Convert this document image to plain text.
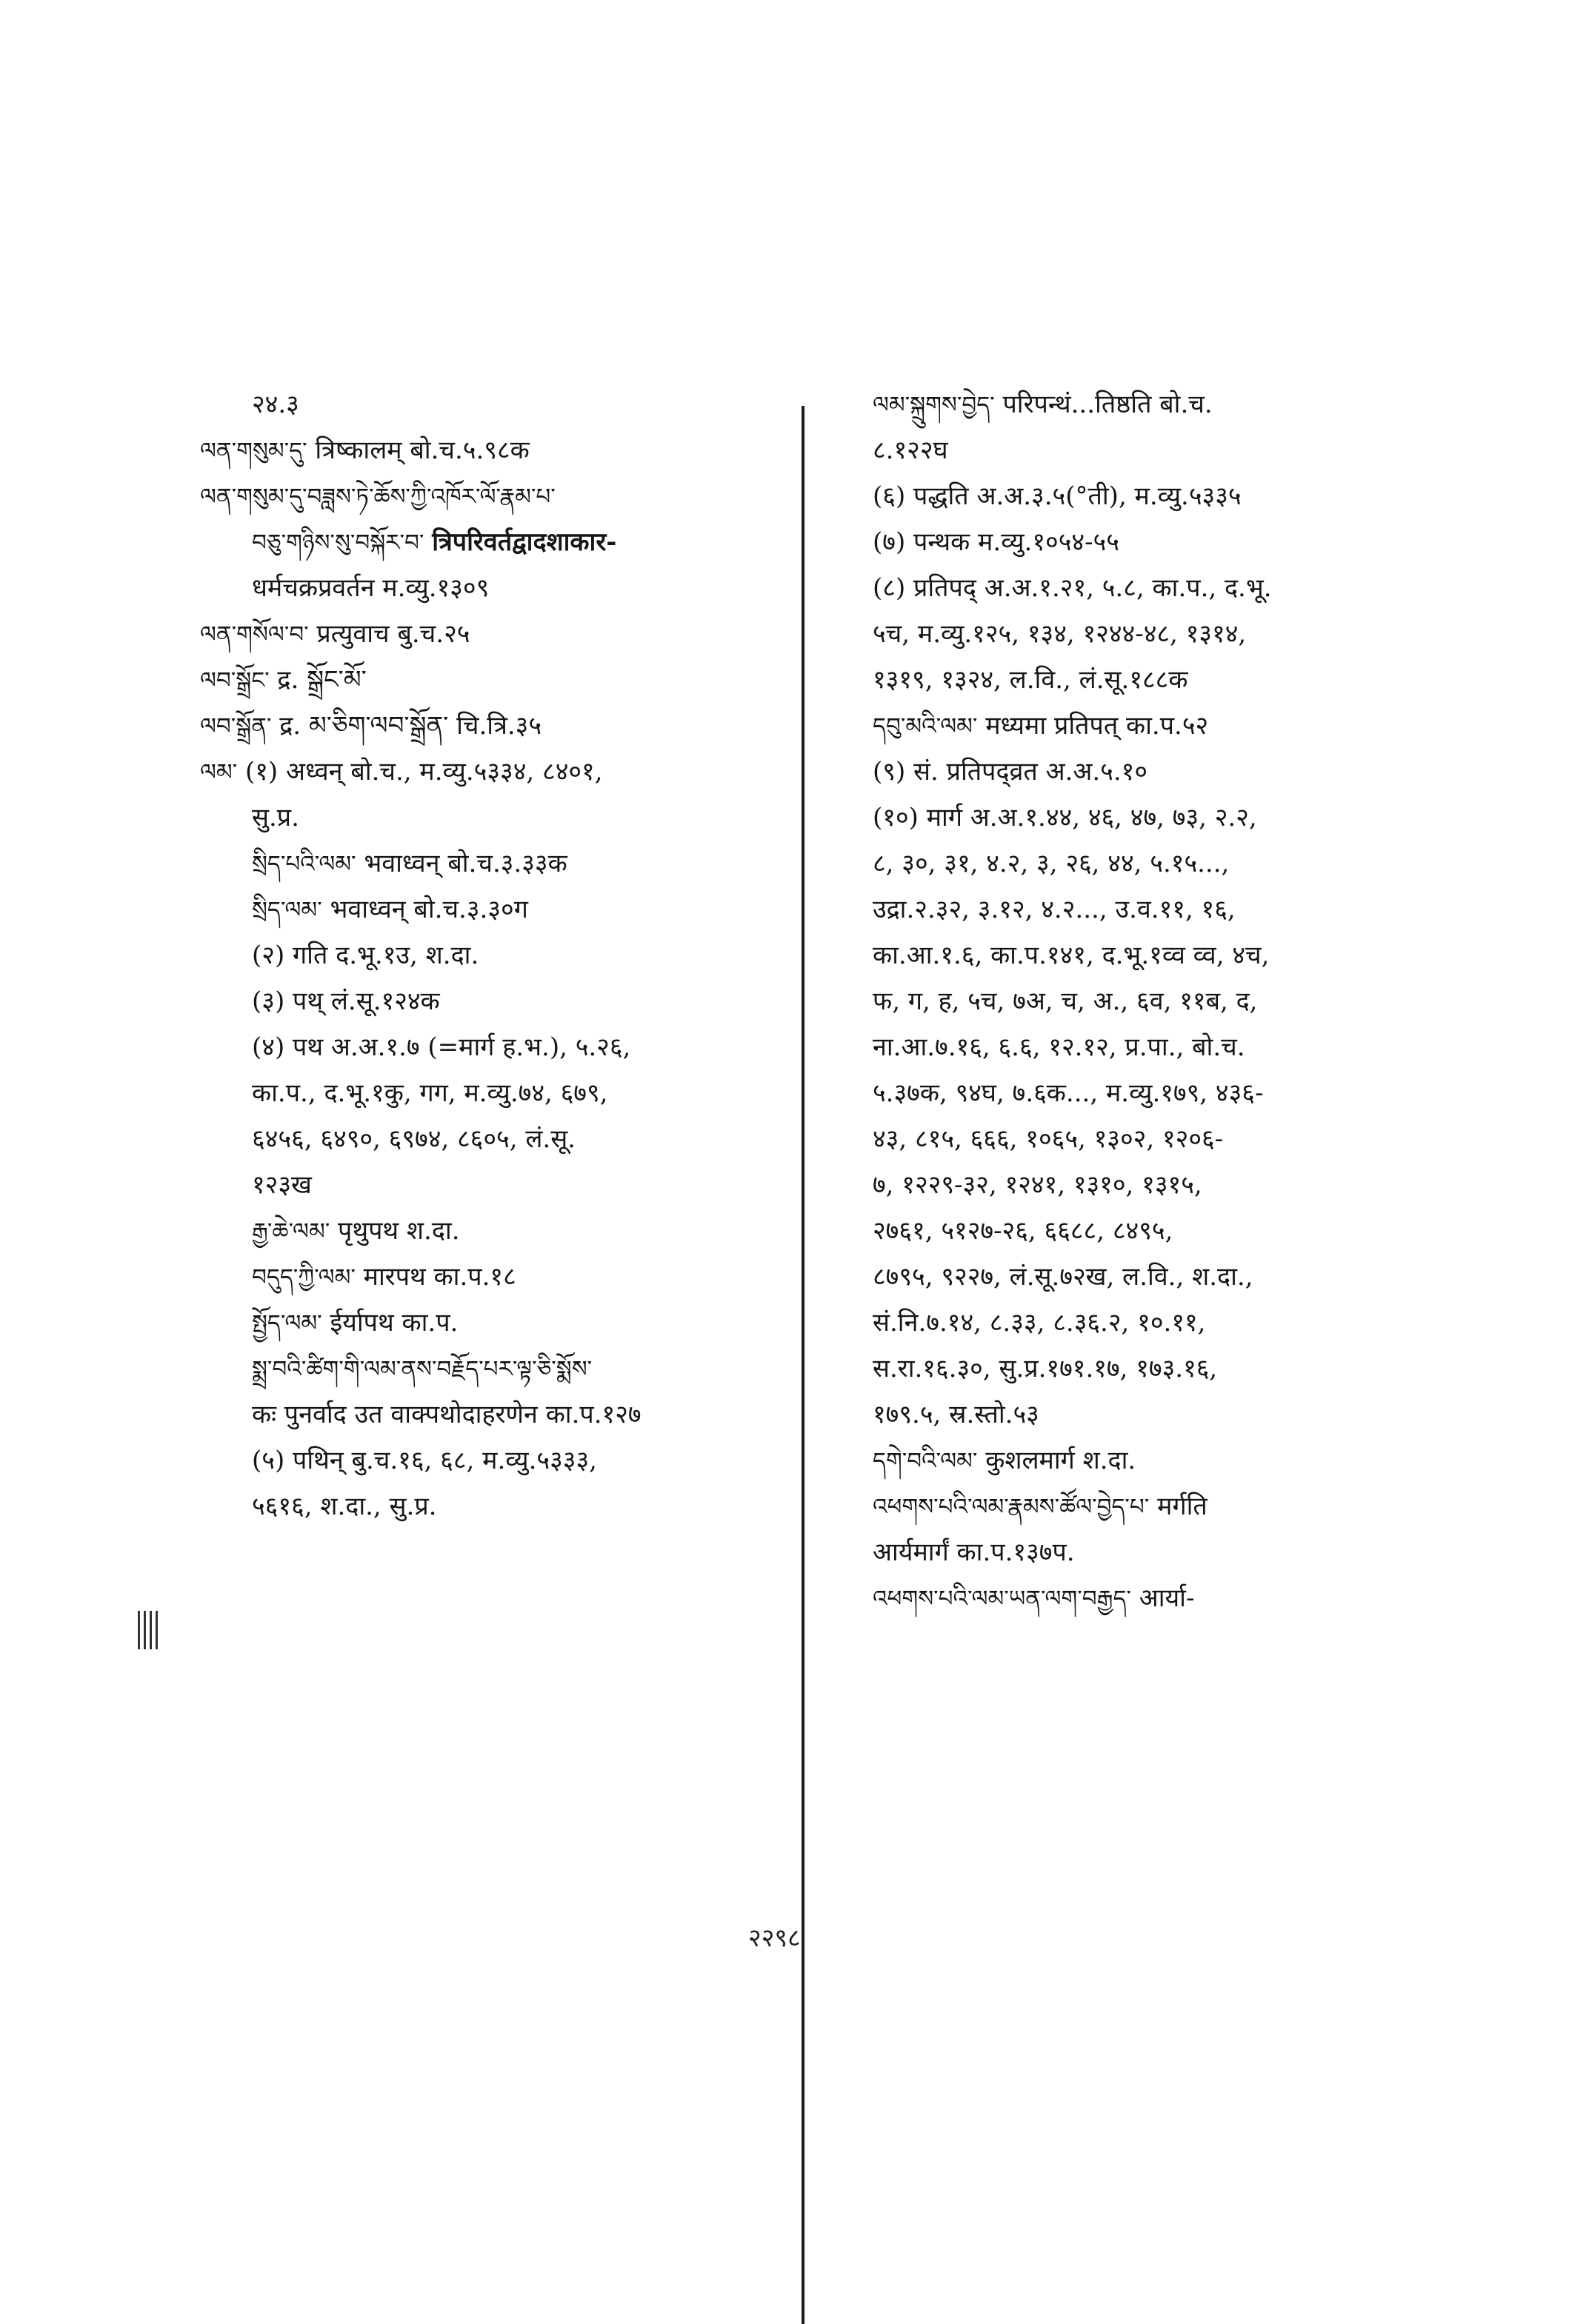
२४.३
ལན་གསུམ་དུ་ त्रिष्कालम् बो.च.५.९८क
ལན་གསུམ་དུ་བཟླས་ཏེ་ཆོས་ཀྱི་འཁོར་ལོ་རྣམ་པ་
བཅུ་གཉིས་སུ་བསྐོར་བ་ त्रिपरिवर्तद्वादशाकार-
धर्मचक्रप्रवर्तन म.व्यु.१३०९
ལན་གསོལ་བ་ प्रत्युवाच बु.च.२५
ལབ་སྒྲོང་ द्र. སྒྲོང་མོ་
ལབ་སྒྲོན་ द्र. མ་ཅིག་ལབ་སྒྲོན་ चि.त्रि.३५
ལམ་ (१) अध्वन् बो.च., म.व्यु.५३३४, ८४०१,
सु.प्र.
སྲིད་པའི་ལམ་ भवाध्वन् बो.च.३.३३क
སྲིད་ལམ་ भवाध्वन् बो.च.३.३०ग
(२) गति द.भू.१उ, श.दा.
(३) पथ् लं.सू.१२४क
(४) पथ अ.अ.१.७ (=मार्ग ह.भ.), ५.२६,
का.प., द.भू.१कु, गग, म.व्यु.७४, ६७९,
६४५६, ६४९०, ६९७४, ८६०५, लं.सू.
१२३ख
རྒྱ་ཆེ་ལམ་ पृथुपथ श.दा.
བདུད་ཀྱི་ལམ་ मारपथ का.प.१८
སྤྱོད་ལམ་ ईर्यापथ का.प.
སྨྲ་བའི་ཚིག་གི་ལམ་ནས་བརྗོད་པར་ལྟ་ཅི་སྨོས་
कः पुनर्वाद उत वाक्पथोदाहरणेन का.प.१२७
(५) पथिन् बु.च.१६, ६८, म.व्यु.५३३३,
५६१६, श.दा., सु.प्र.
ལམ་སྐྲུགས་བྱེད་ परिपन्थं...तिष्ठति बो.च.
८.१२२घ
(६) पद्धति अ.अ.३.५(°ती), म.व्यु.५३३५
(७) पन्थक म.व्यु.१०५४-५५
(८) प्रतिपद् अ.अ.१.२१, ५.८, का.प., द.भू.
५च, म.व्यु.१२५, १३४, १२४४-४८, १३१४,
१३१९, १३२४, ल.वि., लं.सू.१८८क
དབུ་མའི་ལམ་ मध्यमा प्रतिपत् का.प.५२
(९) सं. प्रतिपद्व्रत अ.अ.५.१०
(१०) मार्ग अ.अ.१.४४, ४६, ४७, ७३, २.२,
८, ३०, ३१, ४.२, ३, २६, ४४, ५.१५...,
उद्रा.२.३२, ३.१२, ४.२..., उ.व.११, १६,
का.आ.१.६, का.प.१४१, द.भू.१व्व व्व, ४च,
फ, ग, ह, ५च, ७अ, च, अ., ६व, ११ब, द,
ना.आ.७.१६, ६.६, १२.१२, प्र.पा., बो.च.
५.३७क, ९४घ, ७.६क..., म.व्यु.१७९, ४३६-
४३, ८१५, ६६६, १०६५, १३०२, १२०६-
७, १२२९-३२, १२४१, १३१०, १३१५,
२७६१, ५१२७-२६, ६६८८, ८४९५,
८७९५, ९२२७, लं.सू.७२ख, ल.वि., श.दा.,
सं.नि.७.१४, ८.३३, ८.३६.२, १०.११,
स.रा.१६.३०, सु.प्र.१७१.१७, १७३.१६,
१७९.५, स्र.स्तो.५३
དགེ་བའི་ལམ་ कुशलमार्ग श.दा.
འཕགས་པའི་ལམ་རྣམས་ཚོལ་བྱེད་པ་ मर्गति
आर्यमार्गं का.प.१३७प.
འཕགས་པའི་ལམ་ཡན་ལག་བརྒྱད་ आर्या-
२२९८
